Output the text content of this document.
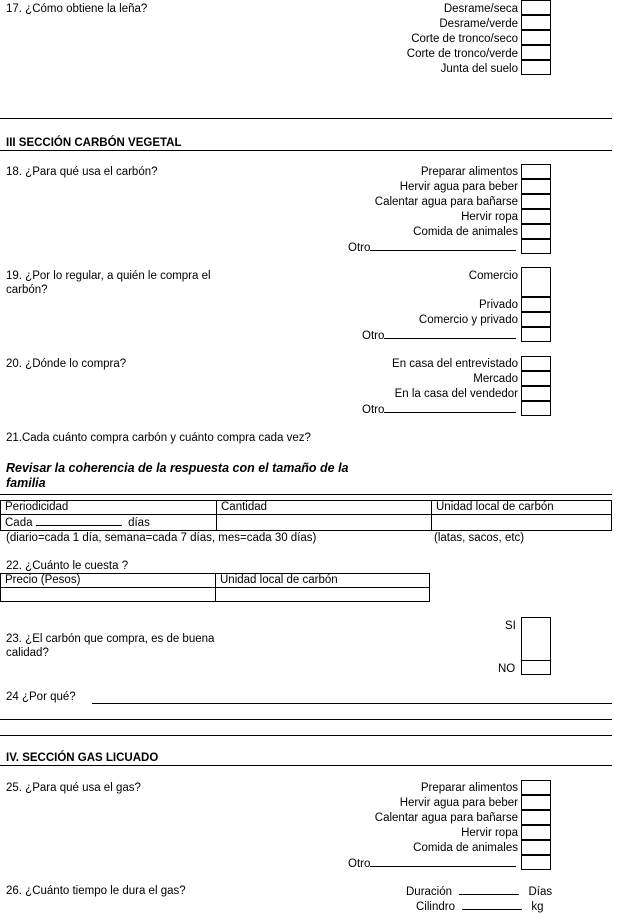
17. ¿Cómo obtiene la leña?	Desrame/seca
Desrame/verde
Corte de tronco/seco
Corte de tronco/verde
Junta del suelo
III SECCIÓN CARBÓN VEGETAL
18. ¿Para qué usa el carbón?	Preparar alimentos
Hervir agua para beber
Calentar agua para bañarse
Hervir ropa
Comida de animales
Otro
19. ¿Por lo regular, a quién le compra el
carbón?
Comercio
Privado
Comercio y privado
Otro
20. ¿Dónde lo compra?	En casa del entrevistado
Mercado
En la casa del vendedor
Otro
21.Cada cuánto compra carbón y cuánto compra cada vez?
Revisar la coherencia de la respuesta con el tamaño de la
familia
Periodicidad	Cantidad	Unidad local de carbón
Cada días		
(diario=cada 1 día, semana=cada 7 días, mes=cada 30 días)	(latas, sacos, etc)
22. ¿Cuánto le cuesta ?
Precio (Pesos)	Unidad local de carbón

23. ¿El carbón que compra, es de buena
calidad?
SI
NO
24 ¿Por qué?
IV. SECCIÓN GAS LICUADO
25. ¿Para qué usa el gas?	Preparar alimentos
Hervir agua para beber
Calentar agua para bañarse
Hervir ropa
Comida de animales
Otro
26. ¿Cuánto tiempo le dura el gas?	Duración	Días
Cilindro	kg
